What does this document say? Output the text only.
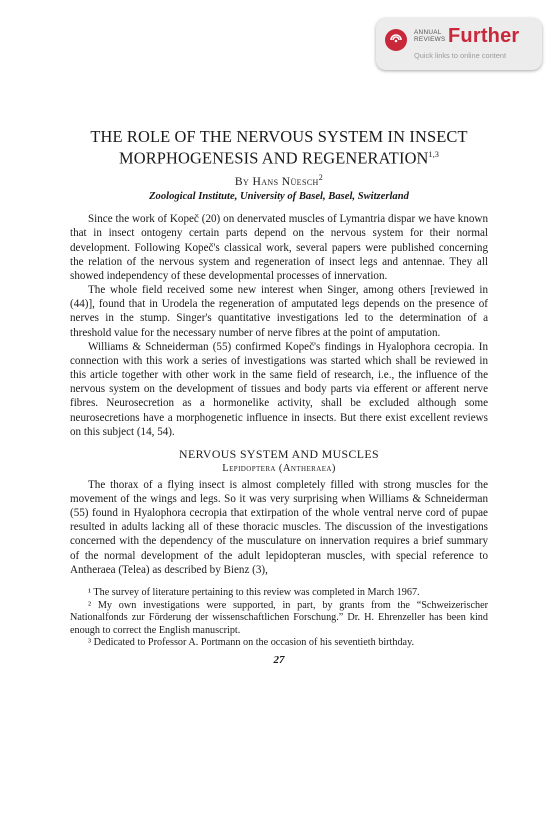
ANNUAL
REVIEWS Further
Quick links to online content
THE ROLE OF THE NERVOUS SYSTEM IN INSECT
MORPHOGENESIS AND REGENERATION$^{1,3}$
By Hans Nüesch$^2$
Zoological Institute, University of Basel, Basel, Switzerland

Since the work of Kopeč (20) on denervated muscles of Lymantria dispar we have known that in insect ontogeny certain parts depend on the nervous system for their normal development. Following Kopeč's classical work, several papers were published concerning the relation of the nervous system and regeneration of insect legs and antennae. They all showed independency of these developmental processes of innervation.

The whole field received some new interest when Singer, among others [reviewed in (44)], found that in Urodela the regeneration of amputated legs depends on the presence of nerves in the stump. Singer's quantitative investigations led to the determination of a threshold value for the necessary number of nerve fibres at the point of amputation.

Williams & Schneiderman (55) confirmed Kopeč's findings in Hyalophora cecropia. In connection with this work a series of investigations was started which shall be reviewed in this article together with other work in the same field of research, i.e., the influence of the nervous system on the development of tissues and body parts via efferent or afferent nerve fibres. Neurosecretion as a hormonelike activity, shall be excluded although some neurosecretions have a morphogenetic influence in insects. But there exist excellent reviews on this subject (14, 54).

NERVOUS SYSTEM AND MUSCLES
Lepidoptera (Antheraea)

The thorax of a flying insect is almost completely filled with strong muscles for the movement of the wings and legs. So it was very surprising when Williams & Schneiderman (55) found in Hyalophora cecropia that extirpation of the whole ventral nerve cord of pupae resulted in adults lacking all of these thoracic muscles. The discussion of the investigations concerned with the dependency of the musculature on innervation requires a brief summary of the normal development of the adult lepidopteran muscles, with special reference to Antheraea (Telea) as described by Bienz (3),

¹ The survey of literature pertaining to this review was completed in March 1967.

² My own investigations were supported, in part, by grants from the “Schweizerischer Nationalfonds zur Förderung der wissenschaftlichen Forschung.” Dr. H. Ehrenzeller has been kind enough to correct the English manuscript.

³ Dedicated to Professor A. Portmann on the occasion of his seventieth birthday.

27
